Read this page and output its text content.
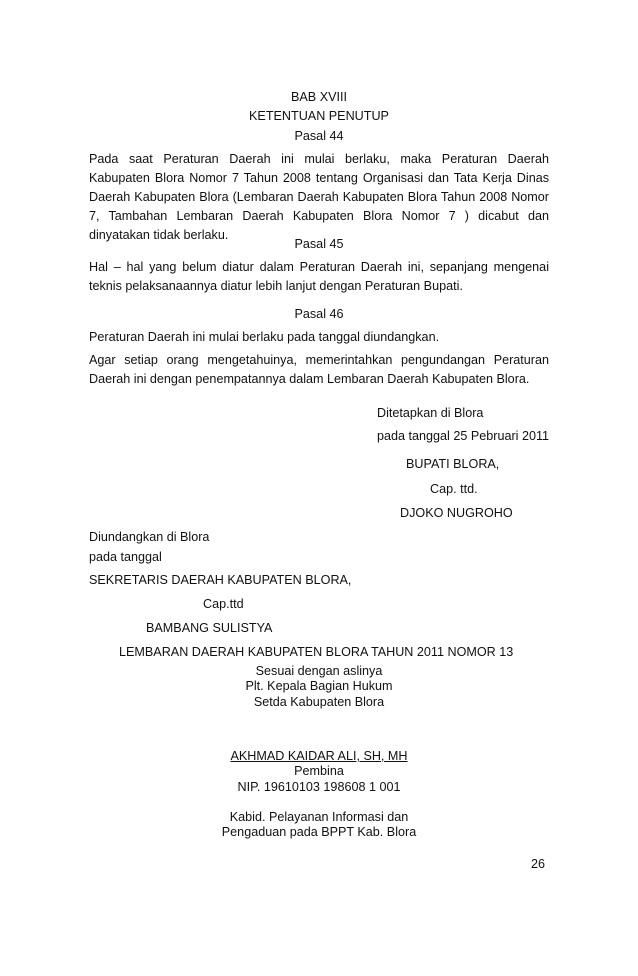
BAB XVIII
KETENTUAN PENUTUP
Pasal 44
Pada saat Peraturan Daerah ini mulai berlaku, maka Peraturan Daerah Kabupaten Blora Nomor 7 Tahun 2008 tentang Organisasi dan Tata Kerja Dinas Daerah Kabupaten Blora (Lembaran Daerah Kabupaten Blora Tahun 2008 Nomor 7, Tambahan Lembaran Daerah Kabupaten Blora Nomor 7 ) dicabut dan dinyatakan tidak berlaku.
Pasal 45
Hal – hal yang belum diatur dalam Peraturan Daerah ini, sepanjang mengenai teknis pelaksanaannya diatur lebih lanjut dengan Peraturan Bupati.
Pasal 46
Peraturan Daerah ini mulai berlaku pada tanggal diundangkan.
Agar setiap orang mengetahuinya, memerintahkan pengundangan Peraturan Daerah ini dengan penempatannya dalam Lembaran Daerah Kabupaten Blora.
Ditetapkan di Blora
pada tanggal 25 Pebruari 2011
BUPATI BLORA,
Cap. ttd.
DJOKO NUGROHO
Diundangkan di Blora
pada tanggal
SEKRETARIS DAERAH KABUPATEN BLORA,
Cap.ttd
BAMBANG SULISTYA
LEMBARAN DAERAH KABUPATEN BLORA TAHUN 2011 NOMOR 13
Sesuai dengan aslinya
Plt. Kepala Bagian Hukum
Setda Kabupaten Blora
AKHMAD KAIDAR ALI, SH, MH
Pembina
NIP. 19610103 198608 1 001
Kabid. Pelayanan Informasi dan
Pengaduan pada BPPT Kab. Blora
26
